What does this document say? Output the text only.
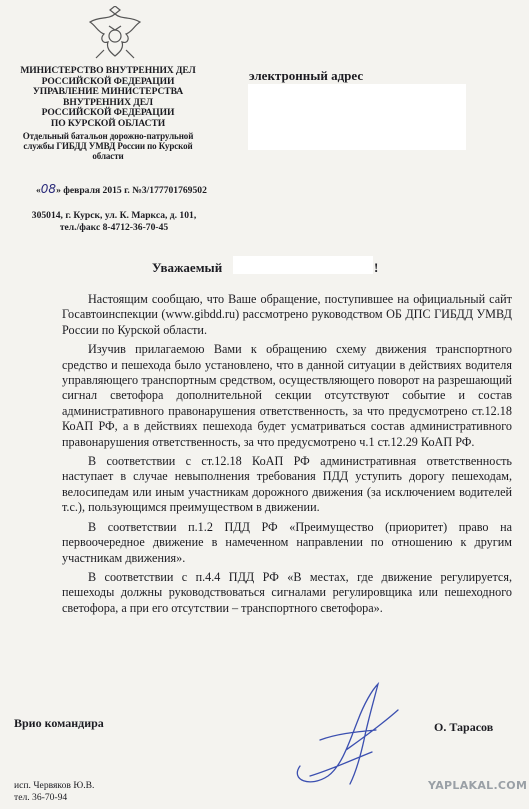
МИНИСТЕРСТВО ВНУТРЕННИХ ДЕЛ
РОССИЙСКОЙ ФЕДЕРАЦИИ
УПРАВЛЕНИЕ МИНИСТЕРСТВА
ВНУТРЕННИХ ДЕЛ
РОССИЙСКОЙ ФЕДЕРАЦИИ
ПО КУРСКОЙ ОБЛАСТИ
Отдельный батальон дорожно-патрульной
службы ГИБДД УМВД России по Курской
области
«08» февраля 2015 г. №3/177701769502
305014, г. Курск, ул. К. Маркса, д. 101,
тел./факс 8-4712-36-70-45
электронный адрес
Уважаемый	!

Настоящим сообщаю, что Ваше обращение, поступившее на официальный сайт Госавтоинспекции (www.gibdd.ru) рассмотрено руководством ОБ ДПС ГИБДД УМВД России по Курской области.

Изучив прилагаемою Вами к обращению схему движения транспортного средство и пешехода было установлено, что в данной ситуации в действиях водителя управляющего транспортным средством, осуществляющего поворот на разрешающий сигнал светофора дополнительной секции отсутствуют событие и состав административного правонарушения ответственность, за что предусмотрено ст.12.18 КоАП РФ, а в действиях пешехода будет усматриваться состав административного правонарушения ответственность, за что предусмотрено ч.1 ст.12.29 КоАП РФ.

В соответствии с ст.12.18 КоАП РФ административная ответственность наступает в случае невыполнения требования ПДД уступить дорогу пешеходам, велосипедам или иным участникам дорожного движения (за исключением водителей т.с.), пользующимся преимуществом в движении.

В соответствии п.1.2 ПДД РФ «Преимущество (приоритет) право на первоочередное движение в намеченном направлении по отношению к другим участникам движения».

В соответствии с п.4.4 ПДД РФ «В местах, где движение регулируется, пешеходы должны руководствоваться сигналами регулировщика или пешеходного светофора, а при его отсутствии – транспортного светофора».

Врио командира	О. Тарасов
исп. Червяков Ю.В.
тел. 36-70-94
YAPLAKAL.COM
